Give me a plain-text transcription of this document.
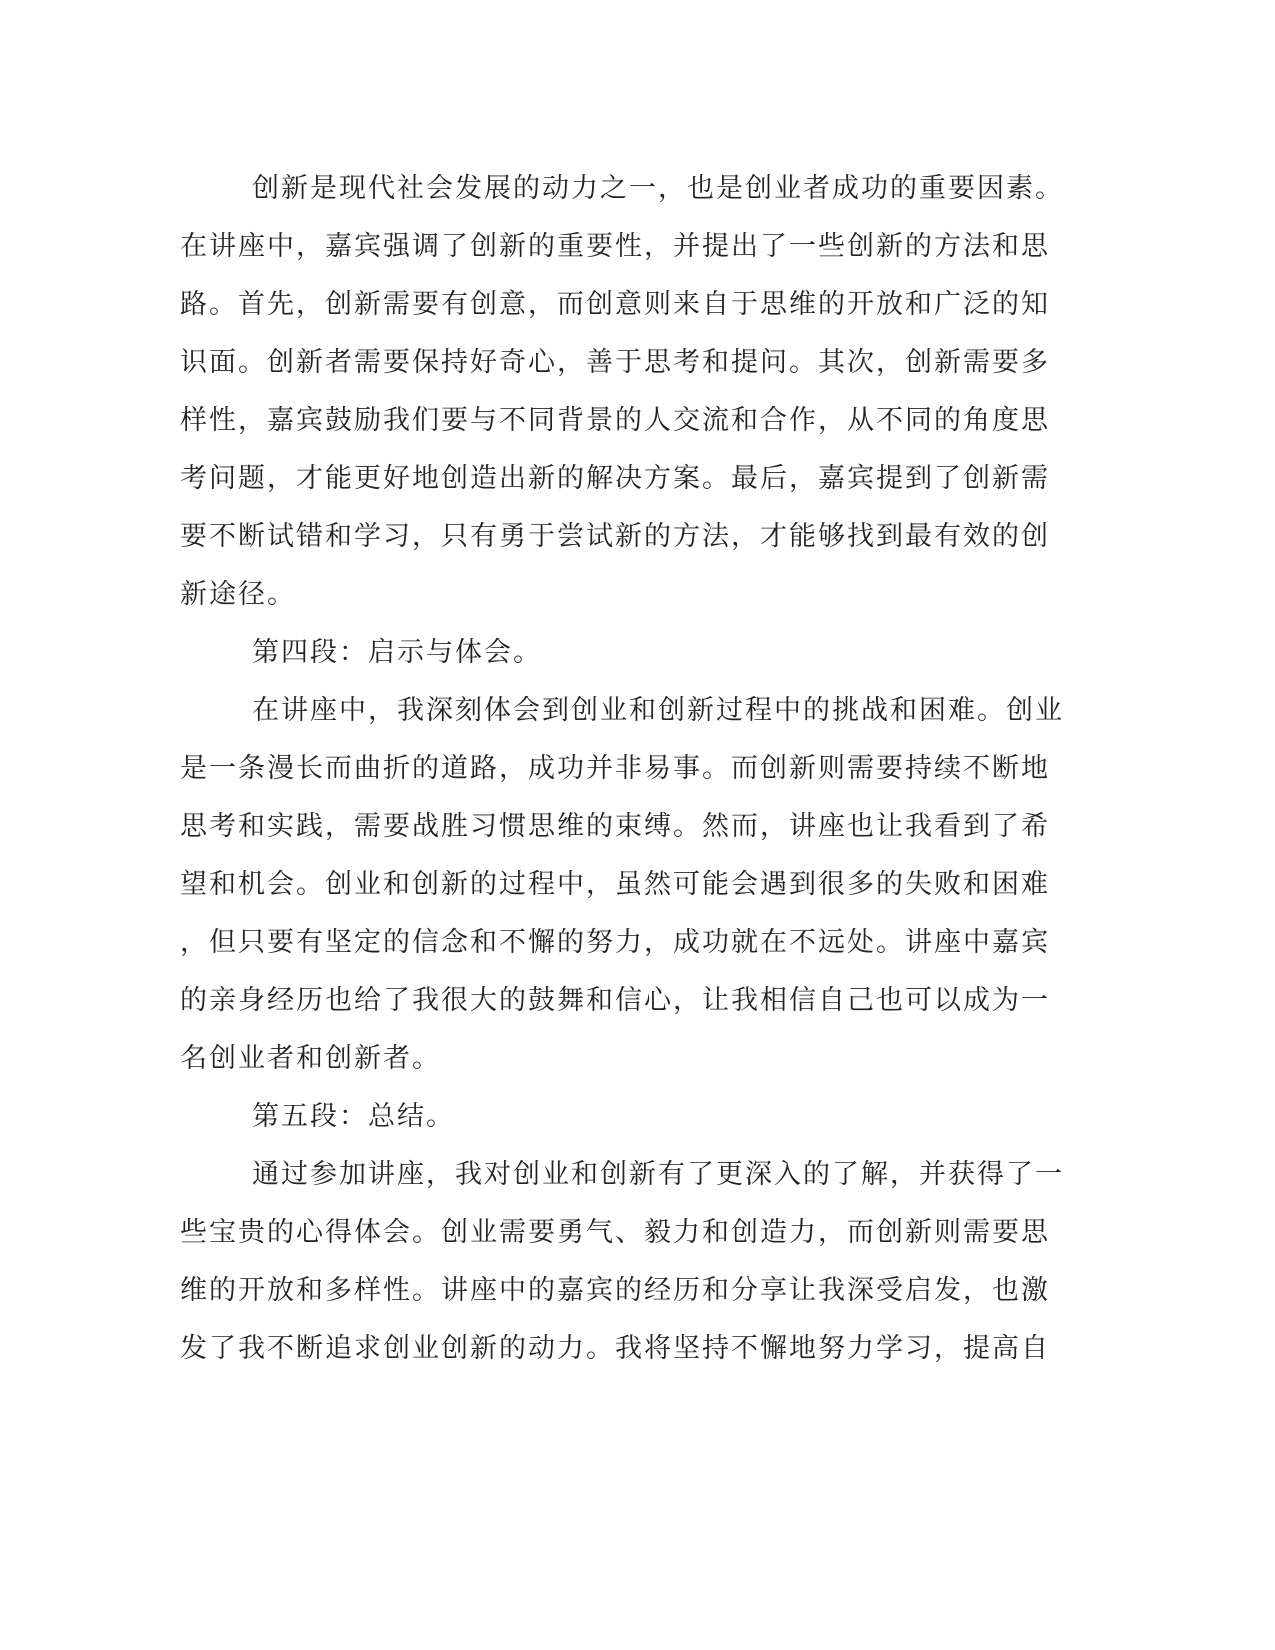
创新是现代社会发展的动力之一，也是创业者成功的重要因素。
在讲座中，嘉宾强调了创新的重要性，并提出了一些创新的方法和思
路。首先，创新需要有创意，而创意则来自于思维的开放和广泛的知
识面。创新者需要保持好奇心，善于思考和提问。其次，创新需要多
样性，嘉宾鼓励我们要与不同背景的人交流和合作，从不同的角度思
考问题，才能更好地创造出新的解决方案。最后，嘉宾提到了创新需
要不断试错和学习，只有勇于尝试新的方法，才能够找到最有效的创
新途径。
第四段：启示与体会。
在讲座中，我深刻体会到创业和创新过程中的挑战和困难。创业
是一条漫长而曲折的道路，成功并非易事。而创新则需要持续不断地
思考和实践，需要战胜习惯思维的束缚。然而，讲座也让我看到了希
望和机会。创业和创新的过程中，虽然可能会遇到很多的失败和困难
，但只要有坚定的信念和不懈的努力，成功就在不远处。讲座中嘉宾
的亲身经历也给了我很大的鼓舞和信心，让我相信自己也可以成为一
名创业者和创新者。
第五段：总结。
通过参加讲座，我对创业和创新有了更深入的了解，并获得了一
些宝贵的心得体会。创业需要勇气、毅力和创造力，而创新则需要思
维的开放和多样性。讲座中的嘉宾的经历和分享让我深受启发，也激
发了我不断追求创业创新的动力。我将坚持不懈地努力学习，提高自
